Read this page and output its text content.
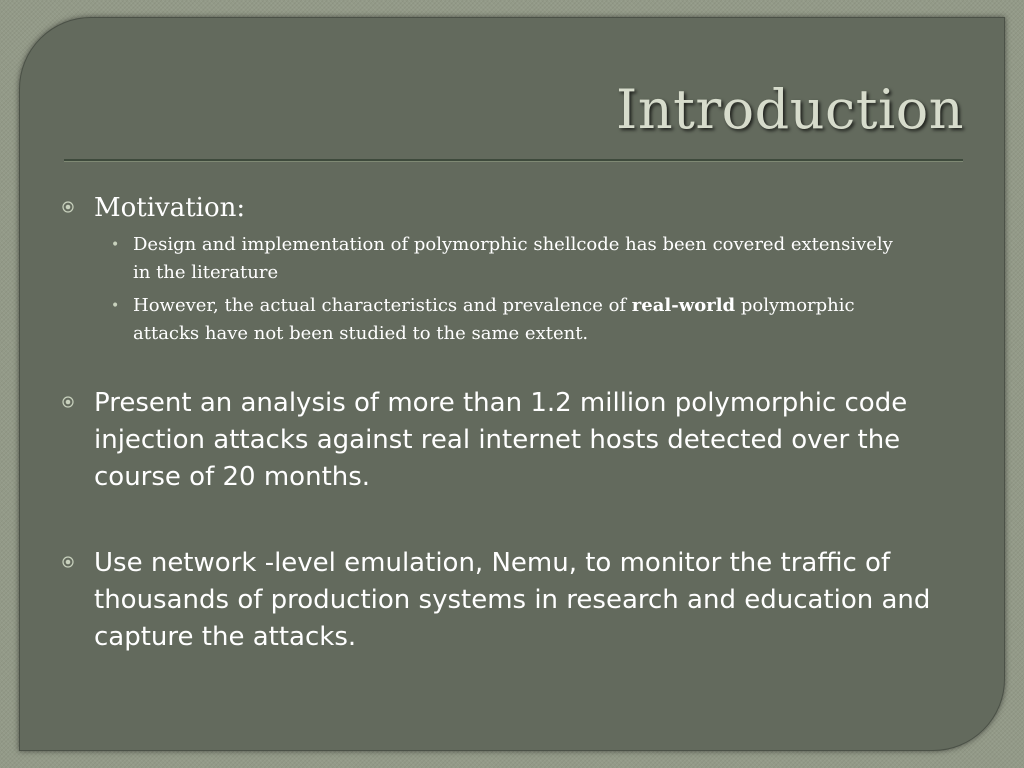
Introduction
Motivation:
• Design and implementation of polymorphic shellcode has been covered extensively in the literature
• However, the actual characteristics and prevalence of real-world polymorphic attacks have not been studied to the same extent.
Present an analysis of more than 1.2 million polymorphic code injection attacks against real internet hosts detected over the course of 20 months.
Use network -level emulation, Nemu, to monitor the traffic of thousands of production systems in research and education and capture the attacks.
